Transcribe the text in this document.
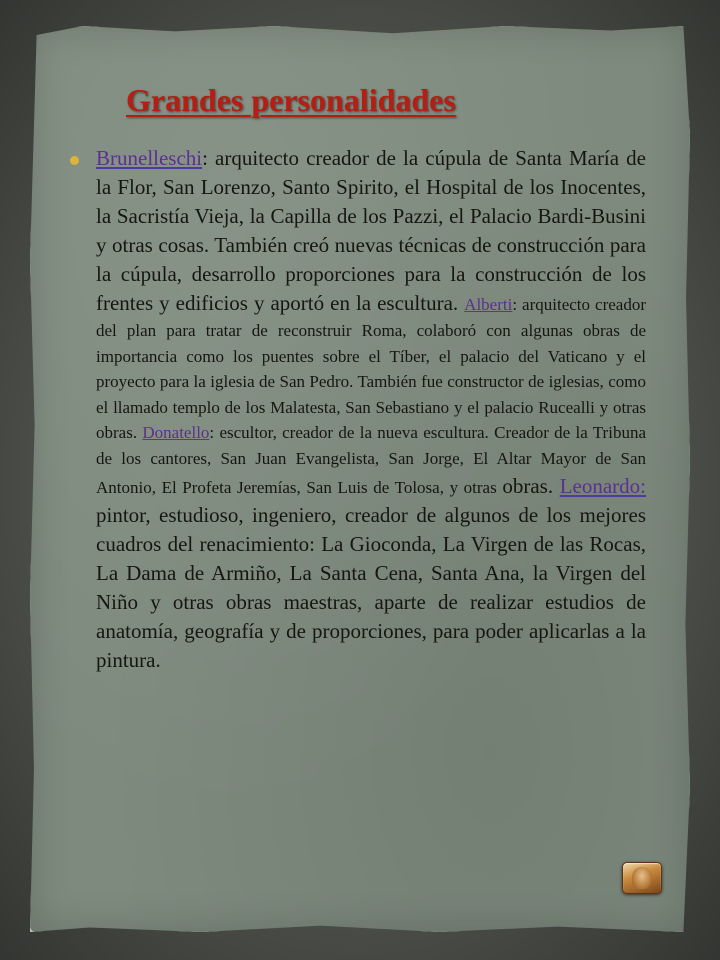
Grandes personalidades

Brunelleschi: arquitecto creador de la cúpula de Santa María de la Flor, San Lorenzo, Santo Spirito, el Hospital de los Inocentes, la Sacristía Vieja, la Capilla de los Pazzi, el Palacio Bardi-Busini y otras cosas. También creó nuevas técnicas de construcción para la cúpula, desarrollo proporciones para la construcción de los frentes y edificios y aportó en la escultura. Alberti: arquitecto creador del plan para tratar de reconstruir Roma, colaboró con algunas obras de importancia como los puentes sobre el Tíber, el palacio del Vaticano y el proyecto para la iglesia de San Pedro. También fue constructor de iglesias, como el llamado templo de los Malatesta, San Sebastiano y el palacio Rucealli y otras obras. Donatello: escultor, creador de la nueva escultura. Creador de la Tribuna de los cantores, San Juan Evangelista, San Jorge, El Altar Mayor de San Antonio, El Profeta Jeremías, San Luis de Tolosa, y otras obras. Leonardo: pintor, estudioso, ingeniero, creador de algunos de los mejores cuadros del renacimiento: La Gioconda, La Virgen de las Rocas, La Dama de Armiño, La Santa Cena, Santa Ana, la Virgen del Niño y otras obras maestras, aparte de realizar estudios de anatomía, geografía y de proporciones, para poder aplicarlas a la pintura.
